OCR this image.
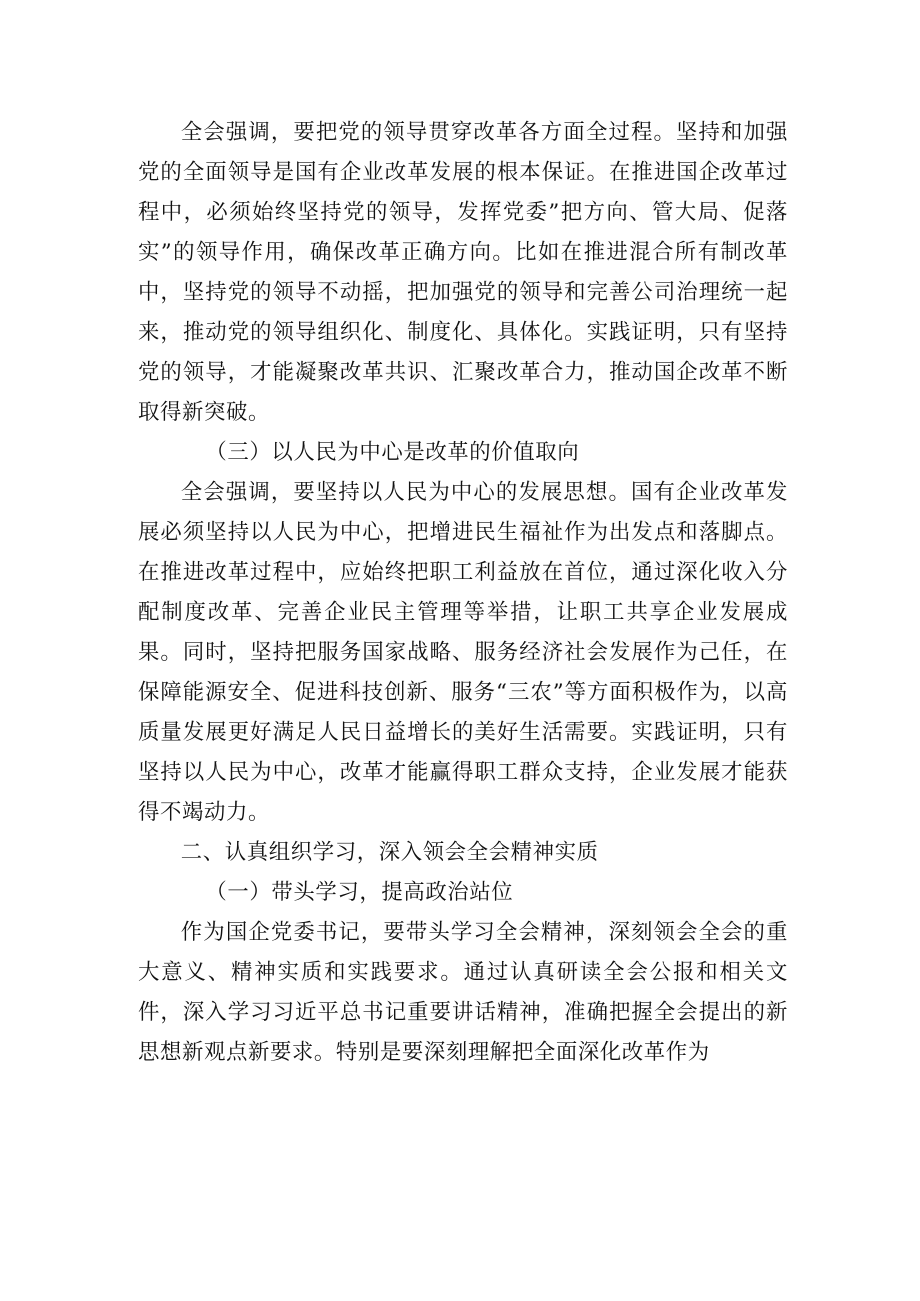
全会强调，要把党的领导贯穿改革各方面全过程。坚持和加强党的全面领导是国有企业改革发展的根本保证。在推进国企改革过程中，必须始终坚持党的领导，发挥党委”把方向、管大局、促落实”的领导作用，确保改革正确方向。比如在推进混合所有制改革中，坚持党的领导不动摇，把加强党的领导和完善公司治理统一起来，推动党的领导组织化、制度化、具体化。实践证明，只有坚持党的领导，才能凝聚改革共识、汇聚改革合力，推动国企改革不断取得新突破。

（三）以人民为中心是改革的价值取向

全会强调，要坚持以人民为中心的发展思想。国有企业改革发展必须坚持以人民为中心，把增进民生福祉作为出发点和落脚点。在推进改革过程中，应始终把职工利益放在首位，通过深化收入分配制度改革、完善企业民主管理等举措，让职工共享企业发展成果。同时，坚持把服务国家战略、服务经济社会发展作为己任，在保障能源安全、促进科技创新、服务“三农”等方面积极作为，以高质量发展更好满足人民日益增长的美好生活需要。实践证明，只有坚持以人民为中心，改革才能赢得职工群众支持，企业发展才能获得不竭动力。

二、认真组织学习，深入领会全会精神实质

（一）带头学习，提高政治站位

作为国企党委书记，要带头学习全会精神，深刻领会全会的重大意义、精神实质和实践要求。通过认真研读全会公报和相关文件，深入学习习近平总书记重要讲话精神，准确把握全会提出的新思想新观点新要求。特别是要深刻理解把全面深化改革作为
